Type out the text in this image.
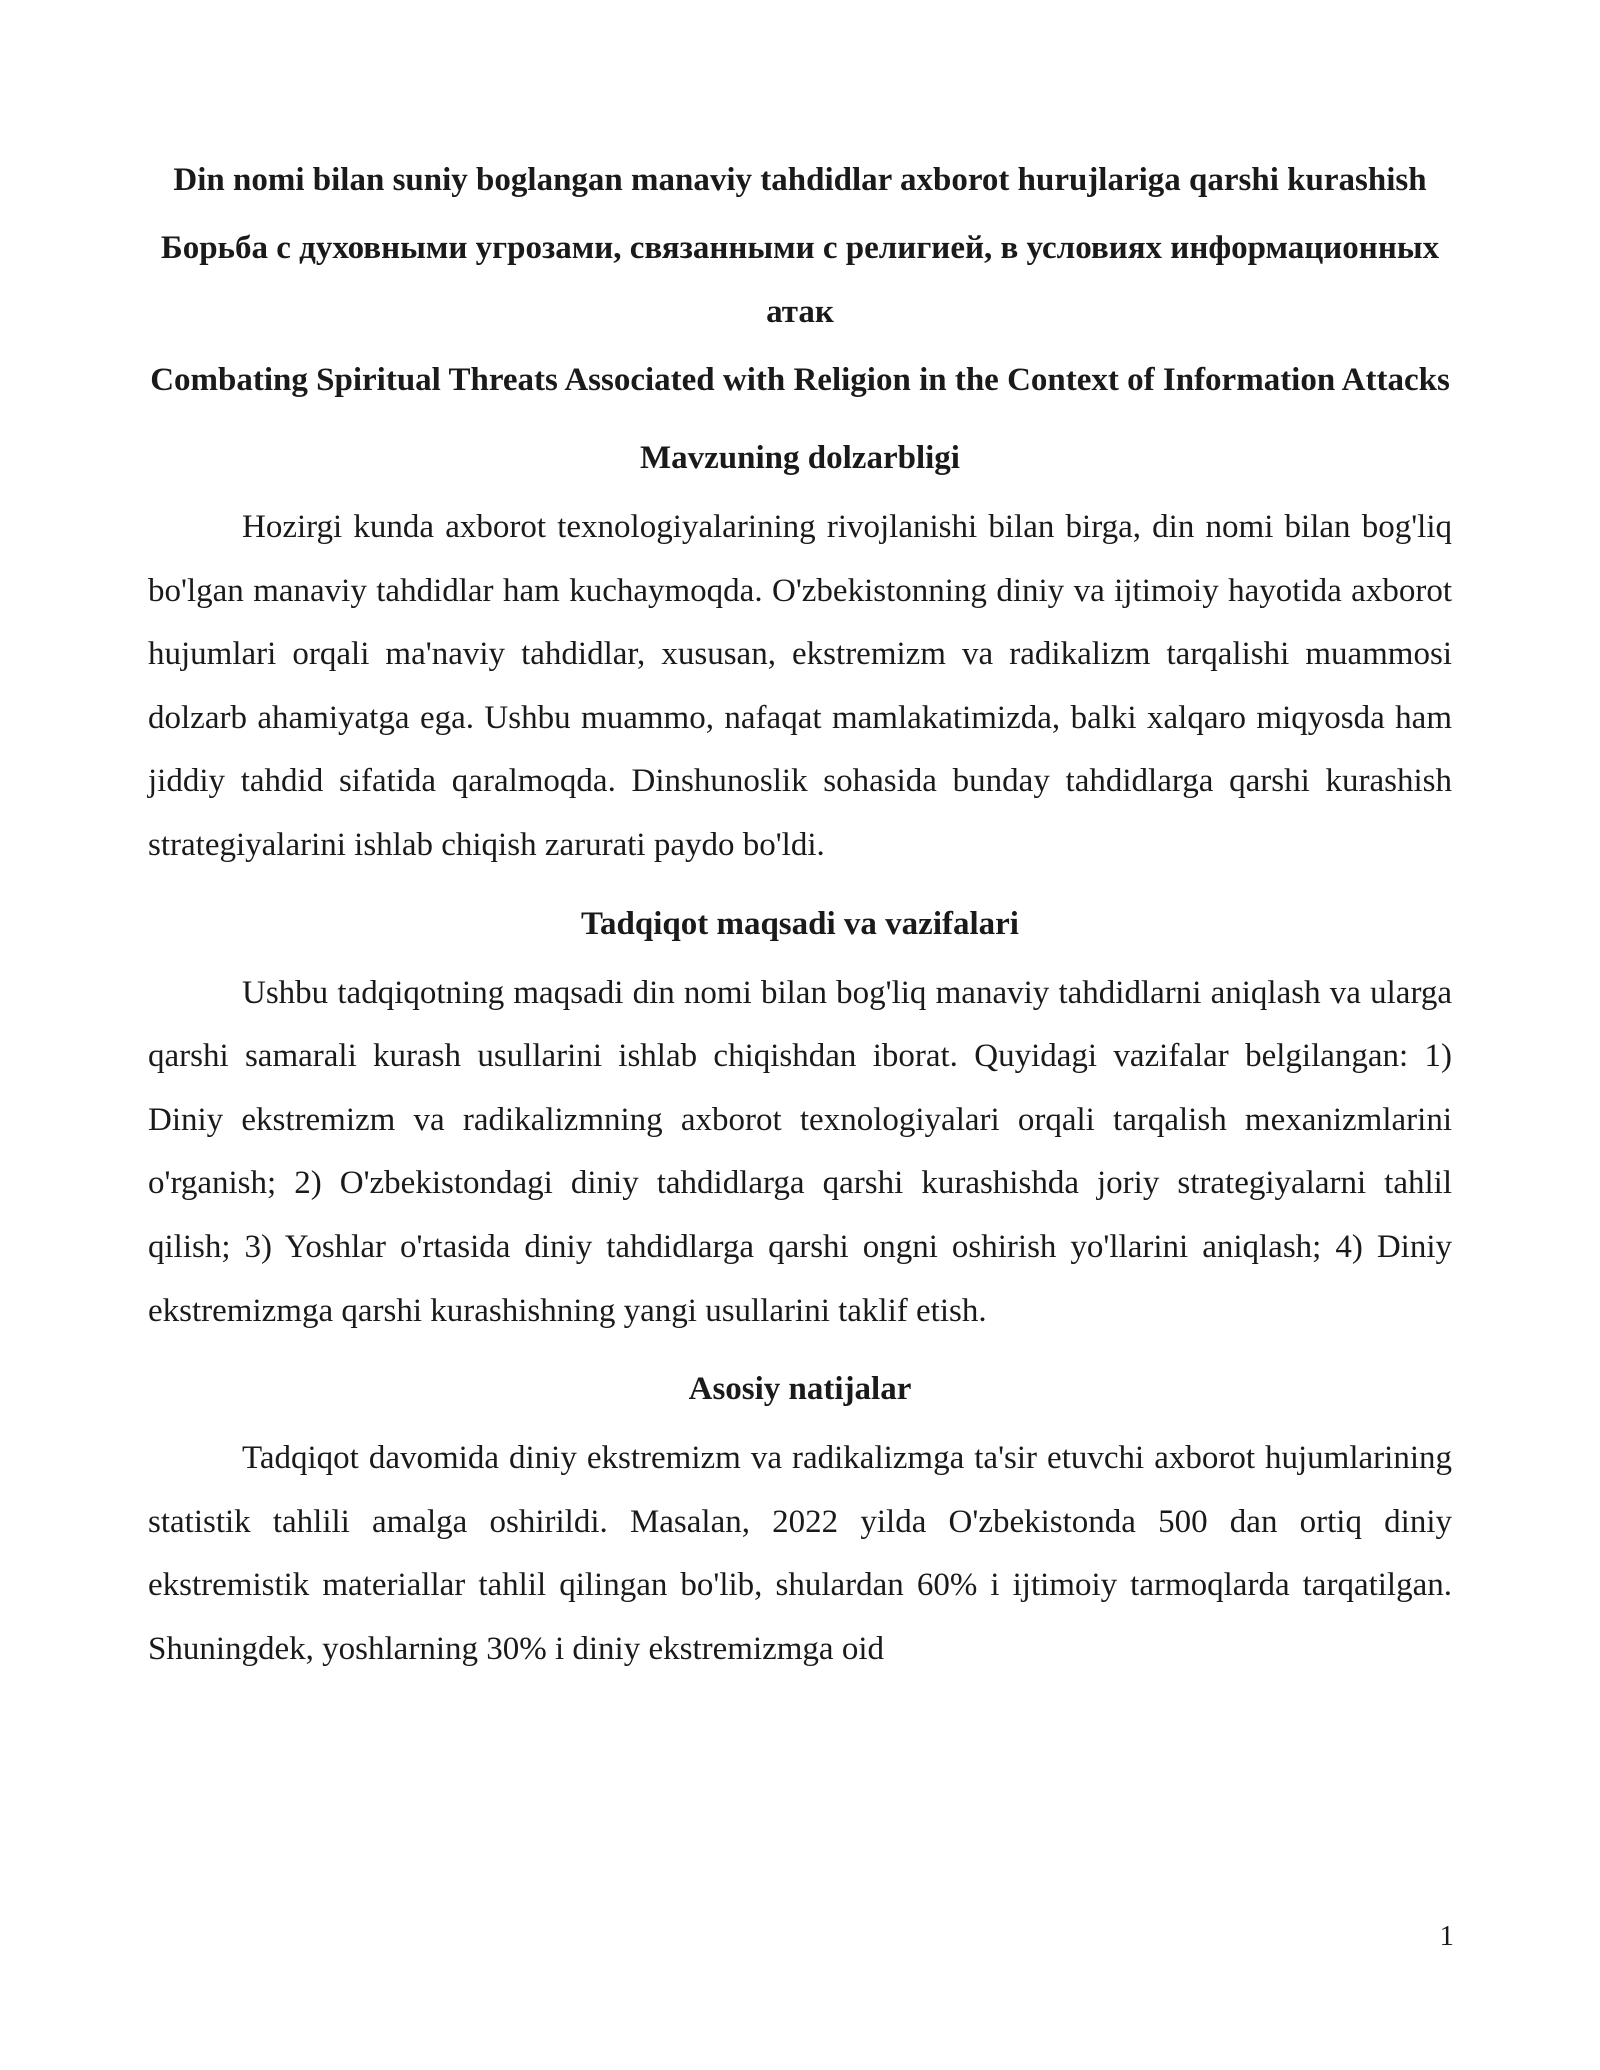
Din nomi bilan suniy boglangan manaviy tahdidlar axborot hurujlariga qarshi kurashish

Борьба с духовными угрозами, связанными с религией, в условиях информационных атак

Combating Spiritual Threats Associated with Religion in the Context of Information Attacks

Mavzuning dolzarbligi

Hozirgi kunda axborot texnologiyalarining rivojlanishi bilan birga, din nomi bilan bog'liq bo'lgan manaviy tahdidlar ham kuchaymoqda. O'zbekistonning diniy va ijtimoiy hayotida axborot hujumlari orqali ma'naviy tahdidlar, xususan, ekstremizm va radikalizm tarqalishi muammosi dolzarb ahamiyatga ega. Ushbu muammo, nafaqat mamlakatimizda, balki xalqaro miqyosda ham jiddiy tahdid sifatida qaralmoqda. Dinshunoslik sohasida bunday tahdidlarga qarshi kurashish strategiyalarini ishlab chiqish zarurati paydo bo'ldi.

Tadqiqot maqsadi va vazifalari

Ushbu tadqiqotning maqsadi din nomi bilan bog'liq manaviy tahdidlarni aniqlash va ularga qarshi samarali kurash usullarini ishlab chiqishdan iborat. Quyidagi vazifalar belgilangan: 1) Diniy ekstremizm va radikalizmning axborot texnologiyalari orqali tarqalish mexanizmlarini o'rganish; 2) O'zbekistondagi diniy tahdidlarga qarshi kurashishda joriy strategiyalarni tahlil qilish; 3) Yoshlar o'rtasida diniy tahdidlarga qarshi ongni oshirish yo'llarini aniqlash; 4) Diniy ekstremizmga qarshi kurashishning yangi usullarini taklif etish.

Asosiy natijalar

Tadqiqot davomida diniy ekstremizm va radikalizmga ta'sir etuvchi axborot hujumlarining statistik tahlili amalga oshirildi. Masalan, 2022 yilda O'zbekistonda 500 dan ortiq diniy ekstremistik materiallar tahlil qilingan bo'lib, shulardan 60% i ijtimoiy tarmoqlarda tarqatilgan. Shuningdek, yoshlarning 30% i diniy ekstremizmga oid

1
